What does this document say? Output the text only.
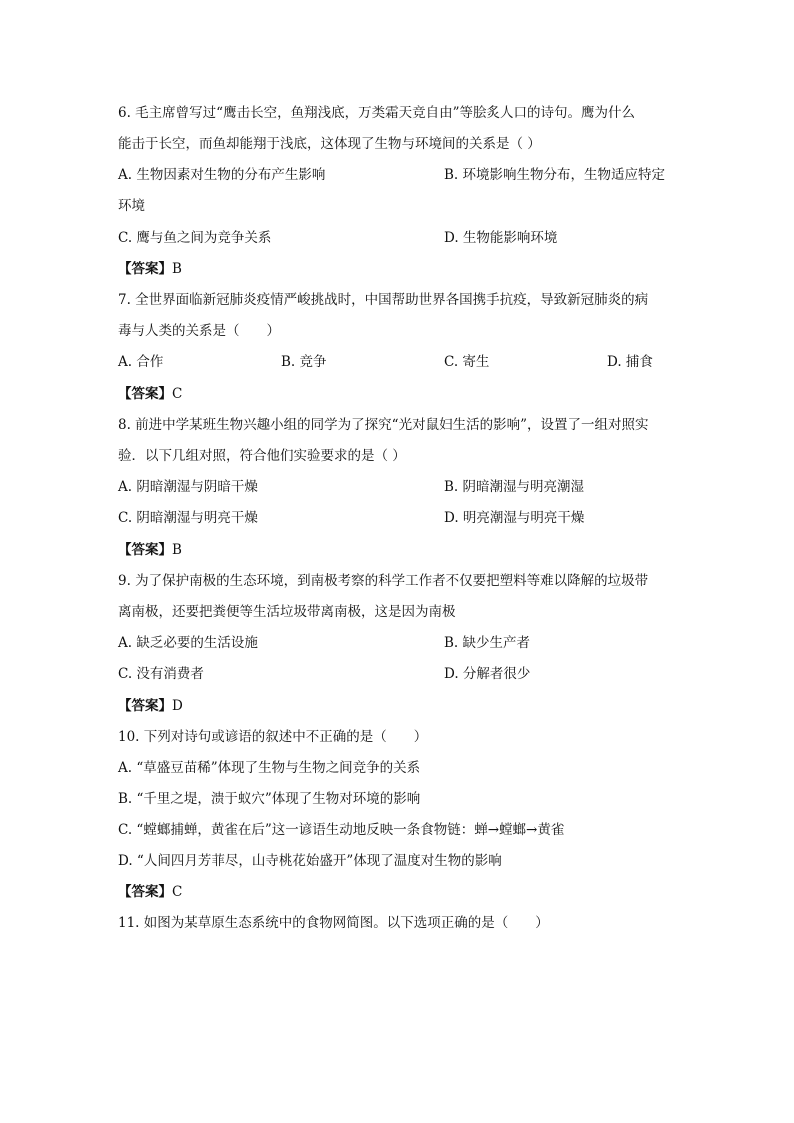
6. 毛主席曾写过“鹰击长空，鱼翔浅底，万类霜天竞自由”等脍炙人口的诗句。鹰为什么
能击于长空，而鱼却能翔于浅底，这体现了生物与环境间的关系是（ ）
A. 生物因素对生物的分布产生影响	B. 环境影响生物分布，生物适应特定
环境
C. 鹰与鱼之间为竞争关系	D. 生物能影响环境
【答案】B
7. 全世界面临新冠肺炎疫情严峻挑战时，中国帮助世界各国携手抗疫，导致新冠肺炎的病
毒与人类的关系是（　　）
A. 合作	B. 竞争	C. 寄生	D. 捕食
【答案】C
8. 前进中学某班生物兴趣小组的同学为了探究“光对鼠妇生活的影响”，设置了一组对照实
验．以下几组对照，符合他们实验要求的是（ ）
A. 阴暗潮湿与阴暗干燥	B. 阴暗潮湿与明亮潮湿
C. 阴暗潮湿与明亮干燥	D. 明亮潮湿与明亮干燥
【答案】B
9. 为了保护南极的生态环境，到南极考察的科学工作者不仅要把塑料等难以降解的垃圾带
离南极，还要把粪便等生活垃圾带离南极，这是因为南极
A. 缺乏必要的生活设施	B. 缺少生产者
C. 没有消费者	D. 分解者很少
【答案】D
10. 下列对诗句或谚语的叙述中不正确的是（　　）
A. “草盛豆苗稀”体现了生物与生物之间竞争的关系
B. “千里之堤，溃于蚁穴”体现了生物对环境的影响
C. “螳螂捕蝉，黄雀在后”这一谚语生动地反映一条食物链：蝉→螳螂→黄雀
D. “人间四月芳菲尽，山寺桃花始盛开”体现了温度对生物的影响
【答案】C
11. 如图为某草原生态系统中的食物网简图。以下选项正确的是（　　）
